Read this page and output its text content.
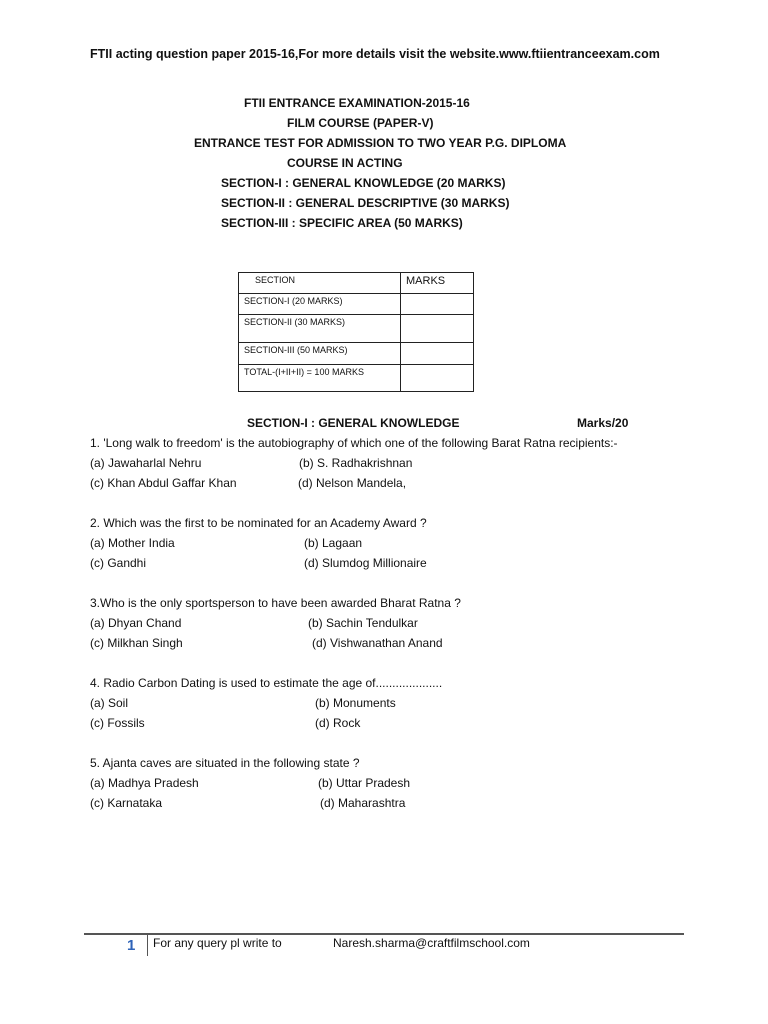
FTII acting question paper 2015-16,For more details visit the website.www.ftiientranceexam.com
FTII ENTRANCE EXAMINATION-2015-16
FILM COURSE (PAPER-V)
ENTRANCE TEST FOR ADMISSION TO TWO YEAR P.G. DIPLOMA
COURSE IN ACTING
SECTION-I : GENERAL KNOWLEDGE (20 MARKS)
SECTION-II : GENERAL DESCRIPTIVE (30 MARKS)
SECTION-III : SPECIFIC AREA (50 MARKS)
SECTION	MARKS
SECTION-I (20 MARKS)	
SECTION-II (30 MARKS)	
SECTION-III (50 MARKS)	
TOTAL-(I+II+II) = 100 MARKS	
SECTION-I : GENERAL KNOWLEDGE	Marks/20
1. 'Long walk to freedom' is the autobiography of which one of the following Barat Ratna recipients:-
(a) Jawaharlal Nehru	(b) S. Radhakrishnan
(c) Khan Abdul Gaffar Khan	(d) Nelson Mandela,
2. Which was the first to be nominated for an Academy Award ?
(a) Mother India	(b) Lagaan
(c) Gandhi	(d) Slumdog Millionaire
3.Who is the only sportsperson to have been awarded Bharat Ratna ?
(a) Dhyan Chand	(b) Sachin Tendulkar
(c) Milkhan Singh	(d) Vishwanathan Anand
4. Radio Carbon Dating is used to estimate the age of....................
(a) Soil	(b) Monuments
(c) Fossils	(d) Rock
5. Ajanta caves are situated in the following state ?
(a) Madhya Pradesh	(b) Uttar Pradesh
(c) Karnataka	(d) Maharashtra
1 For any query pl write to	Naresh.sharma@craftfilmschool.com
